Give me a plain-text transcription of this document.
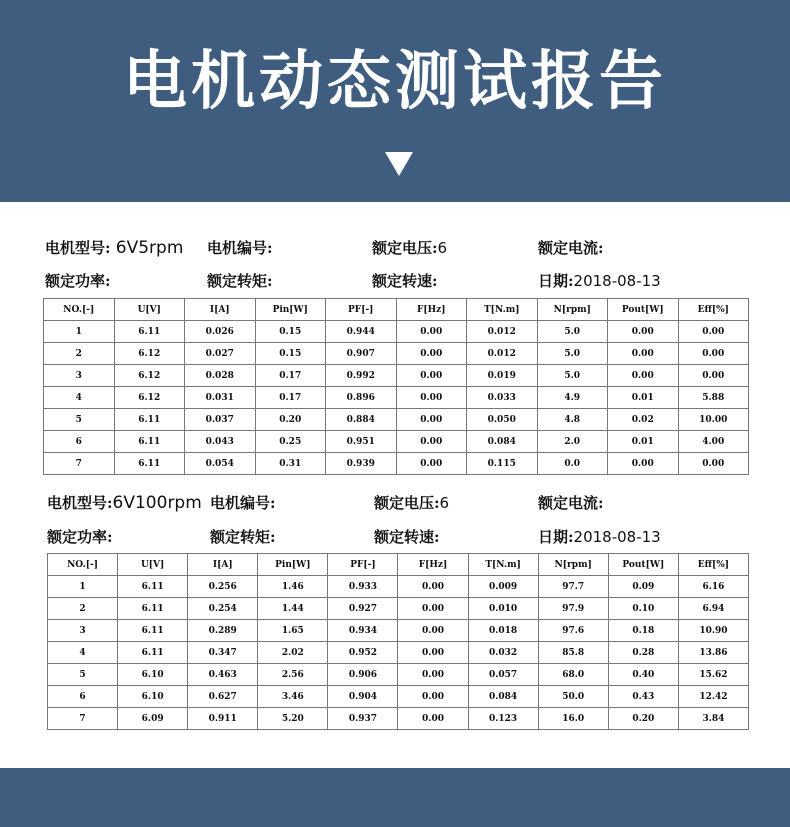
电机动态测试报告
电机型号: 6V5rpm 电机编号:	额定电压:6	额定电流:
额定功率:	额定转矩:	额定转速:	日期:2018-08-13
NO.[-]	U[V]	I[A]	Pin[W]	PF[-]	F[Hz]	T[N.m]	N[rpm]	Pout[W]	Eff[%]
1	6.11	0.026	0.15	0.944	0.00	0.012	5.0	0.00	0.00
2	6.12	0.027	0.15	0.907	0.00	0.012	5.0	0.00	0.00
3	6.12	0.028	0.17	0.992	0.00	0.019	5.0	0.00	0.00
4	6.12	0.031	0.17	0.896	0.00	0.033	4.9	0.01	5.88
5	6.11	0.037	0.20	0.884	0.00	0.050	4.8	0.02	10.00
6	6.11	0.043	0.25	0.951	0.00	0.084	2.0	0.01	4.00
7	6.11	0.054	0.31	0.939	0.00	0.115	0.0	0.00	0.00
电机型号:6V100rpm 电机编号:	额定电压:6	额定电流:
额定功率:	额定转矩:	额定转速:	日期:2018-08-13
NO.[-]	U[V]	I[A]	Pin[W]	PF[-]	F[Hz]	T[N.m]	N[rpm]	Pout[W]	Eff[%]
1	6.11	0.256	1.46	0.933	0.00	0.009	97.7	0.09	6.16
2	6.11	0.254	1.44	0.927	0.00	0.010	97.9	0.10	6.94
3	6.11	0.289	1.65	0.934	0.00	0.018	97.6	0.18	10.90
4	6.11	0.347	2.02	0.952	0.00	0.032	85.8	0.28	13.86
5	6.10	0.463	2.56	0.906	0.00	0.057	68.0	0.40	15.62
6	6.10	0.627	3.46	0.904	0.00	0.084	50.0	0.43	12.42
7	6.09	0.911	5.20	0.937	0.00	0.123	16.0	0.20	3.84
